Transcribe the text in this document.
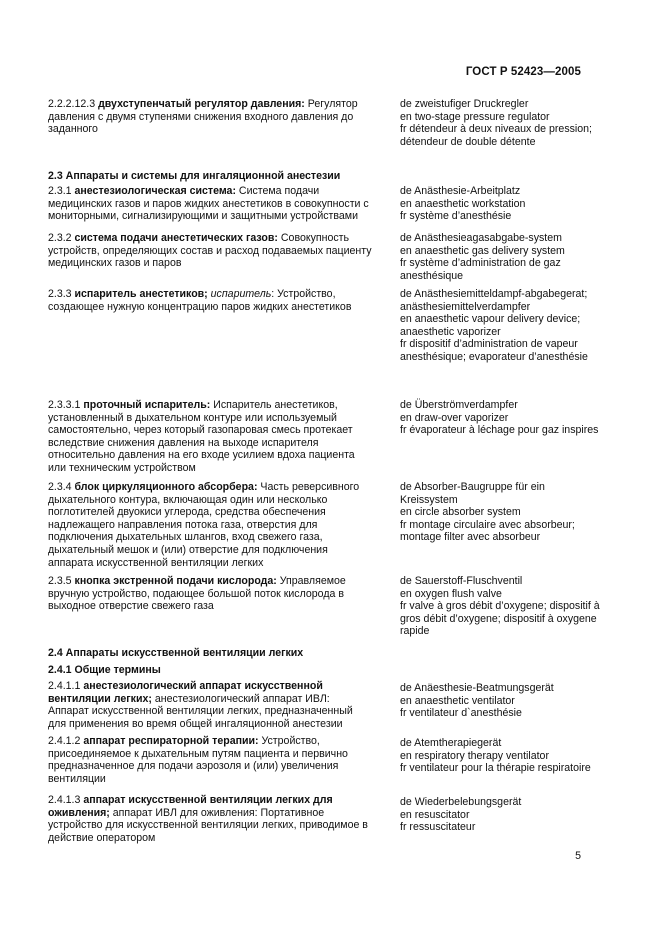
ГОСТ Р 52423—2005
2.2.2.12.3 двухступенчатый регулятор давления: Регулятор давления с двумя ступенями снижения входного давления до заданного
de zweistufiger Druckregler
en two-stage pressure regulator
fr détendeur à deux niveaux de pression; détendeur de double détente
2.3 Аппараты и системы для ингаляционной анестезии
2.3.1 анестезиологическая система: Система подачи медицинских газов и паров жидких анестетиков в совокупности с мониторными, сигнализирующими и защитными устройствами
de Anästhesie-Arbeitplatz
en anaesthetic workstation
fr système d’anesthésie
2.3.2 система подачи анестетических газов: Совокупность устройств, определяющих состав и расход подаваемых пациенту медицинских газов и паров
de Anästhesieagasabgabe-system
en anaesthetic gas delivery system
fr système d’administration de gaz anesthésique
2.3.3 испаритель анестетиков; испаритель: Устройство, создающее нужную концентрацию паров жидких анестетиков
de Anästhesiemitteldampf-abgabegerat; anästhesiemittelverdampfer
en anaesthetic vapour delivery device; anaesthetic vaporizer
fr dispositif d’administration de vapeur anesthésique; evaporateur d’anesthésie
2.3.3.1 проточный испаритель: Испаритель анестетиков, установленный в дыхательном контуре или используемый самостоятельно, через который газопаровая смесь протекает вследствие снижения давления на выходе испарителя относительно давления на его входе усилием вдоха пациента или техническим устройством
de Überströmverdampfer
en draw-over vaporizer
fr évaporateur à léchage pour gaz inspires
2.3.4 блок циркуляционного абсорбера: Часть реверсивного дыхательного контура, включающая один или несколько поглотителей двуокиси углерода, средства обеспечения надлежащего направления потока газа, отверстия для подключения дыхательных шлангов, вход свежего газа, дыхательный мешок и (или) отверстие для подключения аппарата искусственной вентиляции легких
de Absorber-Baugruppe für ein Kreissystem
en circle absorber system
fr montage circulaire avec absorbeur; montage filter avec absorbeur
2.3.5 кнопка экстренной подачи кислорода: Управляемое вручную устройство, подающее большой поток кислорода в выходное отверстие свежего газа
de Sauerstoff-Fluschventil
en oxygen flush valve
fr valve à gros débit d’oxygene; dispositif à gros débit d’oxygene; dispositif à oxygene rapide
2.4 Аппараты искусственной вентиляции легких
2.4.1 Общие термины
2.4.1.1 анестезиологический аппарат искусственной вентиляции легких; анестезиологический аппарат ИВЛ: Аппарат искусственной вентиляции легких, предназначенный для применения во время общей ингаляционной анестезии
de Anäesthesie-Beatmungsgerät
en anaesthetic ventilator
fr ventilateur d`anesthésie
2.4.1.2 аппарат респираторной терапии: Устройство, присоединяемое к дыхательным путям пациента и первично предназначенное для подачи аэрозоля и (или) увеличения вентиляции
de Atemtherapiegerät
en respiratory therapy ventilator
fr ventilateur pour la thérapie respiratoire
2.4.1.3 аппарат искусственной вентиляции легких для оживления; аппарат ИВЛ для оживления: Портативное устройство для искусственной вентиляции легких, приводимое в действие оператором
de Wiederbelebungsgerät
en resuscitator
fr ressuscitateur
5
